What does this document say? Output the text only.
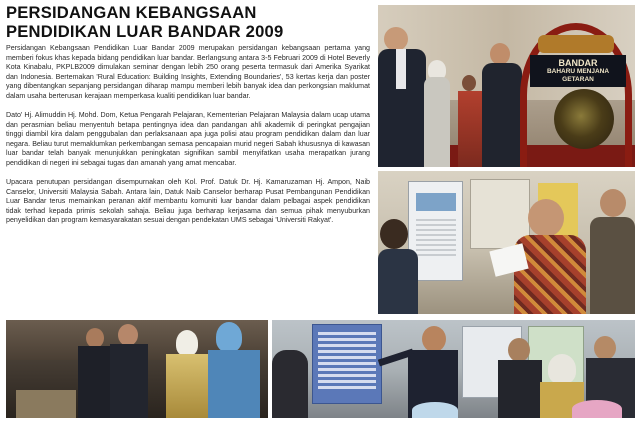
PERSIDANGAN KEBANGSAAN
PENDIDIKAN LUAR BANDAR 2009

Persidangan Kebangsaan Pendidikan Luar Bandar 2009 merupakan persidangan kebangsaan pertama yang memberi fokus khas kepada bidang pendidikan luar bandar. Berlangsung antara 3-5 Februari 2009 di Hotel Beverly Kota Kinabalu, PKPLB2009 dimulakan seminar dengan lebih 250 orang peserta termasuk dari Amerika Syarikat dan Indonesia. Bertemakan 'Rural Education: Building Insights, Extending Boundaries', 53 kertas kerja dan poster yang dibentangkan sepanjang persidangan diharap mampu memberi lebih banyak idea dan perkongsian maklumat dalam usaha berterusan kerajaan memperkasa kualiti pendidikan luar bandar.

Dato' Hj. Alimuddin Hj. Mohd. Dom, Ketua Pengarah Pelajaran, Kementerian Pelajaran Malaysia dalam ucap utama dan perasmian beliau menyentuh betapa pentingnya idea dan pandangan ahli akademik di peringkat pengajian tinggi diambil kira dalam penggubalan dan perlaksanaan apa juga polisi atau program pendidikan dalam dan luar negara. Beliau turut memaklumkan perkembangan semasa pencapaian murid negeri Sabah khususnya di kawasan luar bandar telah banyak menunjukkan peningkatan signifikan sambil menyifatkan usaha merapatkan jurang pendidikan di negeri ini sebagai tugas dan amanah yang amat mencabar.

Upacara penutupan persidangan disempurnakan oleh Kol. Prof. Datuk Dr. Hj. Kamaruzaman Hj. Ampon, Naib Canselor, Universiti Malaysia Sabah. Antara lain, Datuk Naib Canselor berharap Pusat Pembangunan Pendidikan Luar Bandar terus memainkan peranan aktif membantu komuniti luar bandar dalam pelbagai aspek pendidikan tidak terhad kepada primis sekolah sahaja. Beliau juga berharap kerjasama dan semua pihak menyuburkan penyelidikan dan program kemasyarakatan sesuai dengan pendekatan UMS sebagai 'Universiti Rakyat'.

BANDAR
BAHARU MENJANA
GETARAN
